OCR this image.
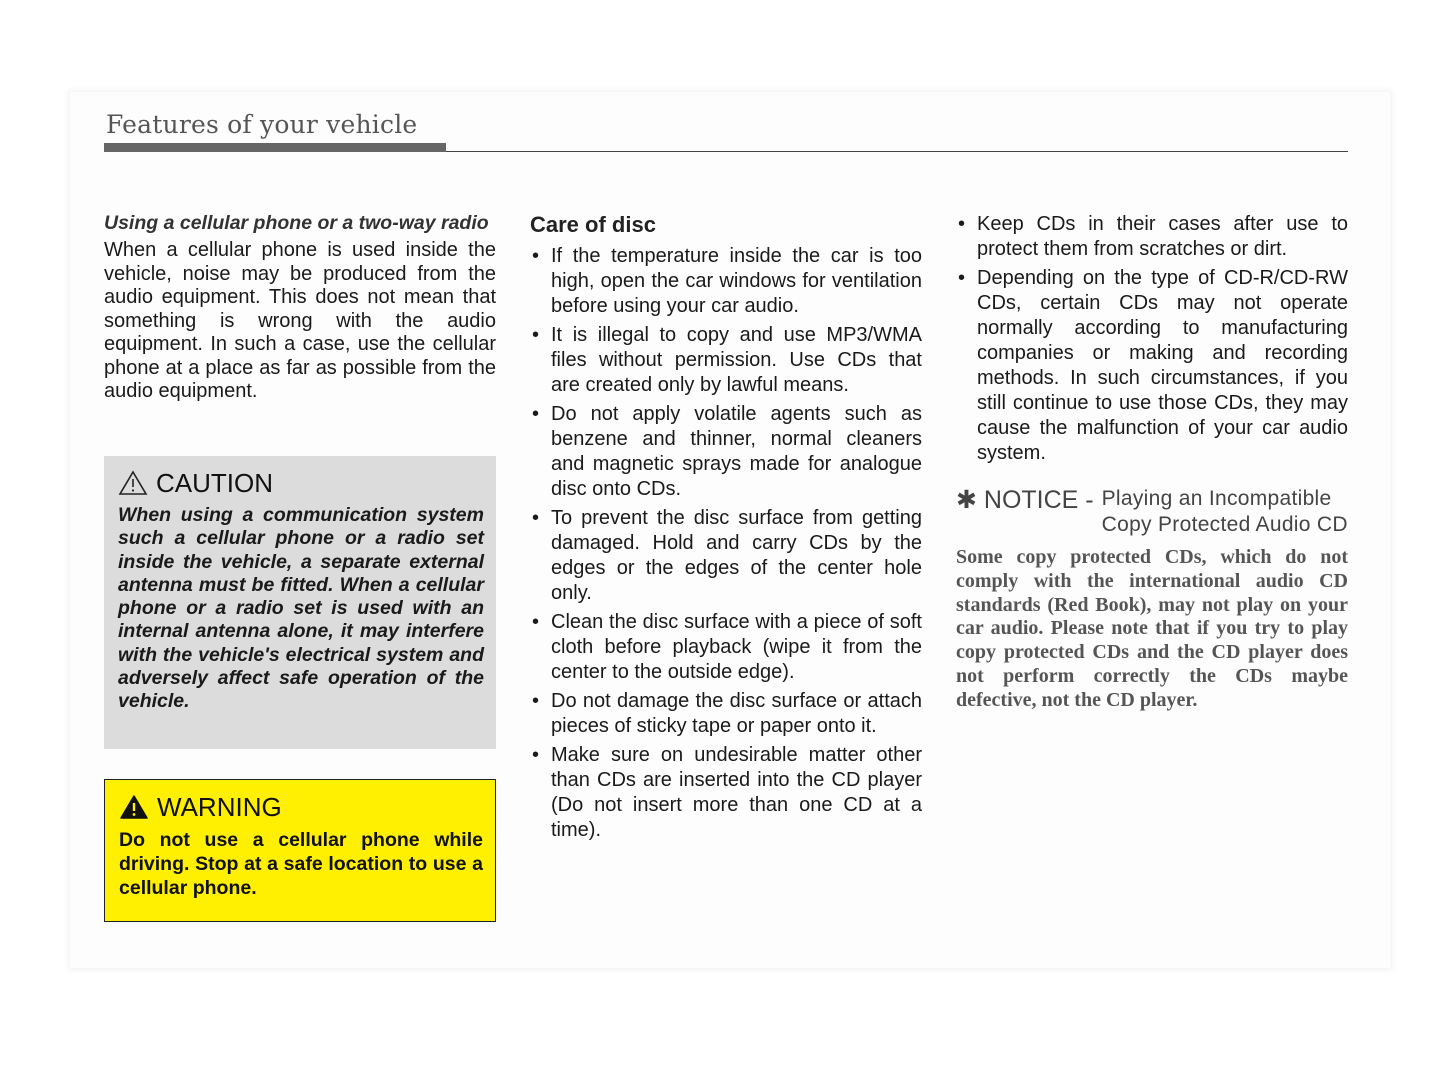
Features of your vehicle

Using a cellular phone or a two-way radio

When a cellular phone is used inside the vehicle, noise may be produced from the audio equipment. This does not mean that something is wrong with the audio equipment. In such a case, use the cellular phone at a place as far as possible from the audio equipment.

CAUTION

When using a communication system such a cellular phone or a radio set inside the vehicle, a separate external antenna must be fitted. When a cellular phone or a radio set is used with an internal antenna alone, it may interfere with the vehicle's electrical system and adversely affect safe operation of the vehicle.

WARNING

Do not use a cellular phone while driving. Stop at a safe location to use a cellular phone.

Care of disc

• If the temperature inside the car is too high, open the car windows for ventilation before using your car audio.
• It is illegal to copy and use MP3/WMA files without permission. Use CDs that are created only by lawful means.
• Do not apply volatile agents such as benzene and thinner, normal cleaners and magnetic sprays made for analogue disc onto CDs.
• To prevent the disc surface from getting damaged. Hold and carry CDs by the edges or the edges of the center hole only.
• Clean the disc surface with a piece of soft cloth before playback (wipe it from the center to the outside edge).
• Do not damage the disc surface or attach pieces of sticky tape or paper onto it.
• Make sure on undesirable matter other than CDs are inserted into the CD player (Do not insert more than one CD at a time).
• Keep CDs in their cases after use to protect them from scratches or dirt.
• Depending on the type of CD-R/CD-RW CDs, certain CDs may not operate normally according to manufacturing companies or making and recording methods. In such circumstances, if you still continue to use those CDs, they may cause the malfunction of your car audio system.
✱ NOTICE - Playing an Incompatible Copy Protected Audio CD

Some copy protected CDs, which do not comply with the international audio CD standards (Red Book), may not play on your car audio. Please note that if you try to play copy protected CDs and the CD player does not perform correctly the CDs maybe defective, not the CD player.
